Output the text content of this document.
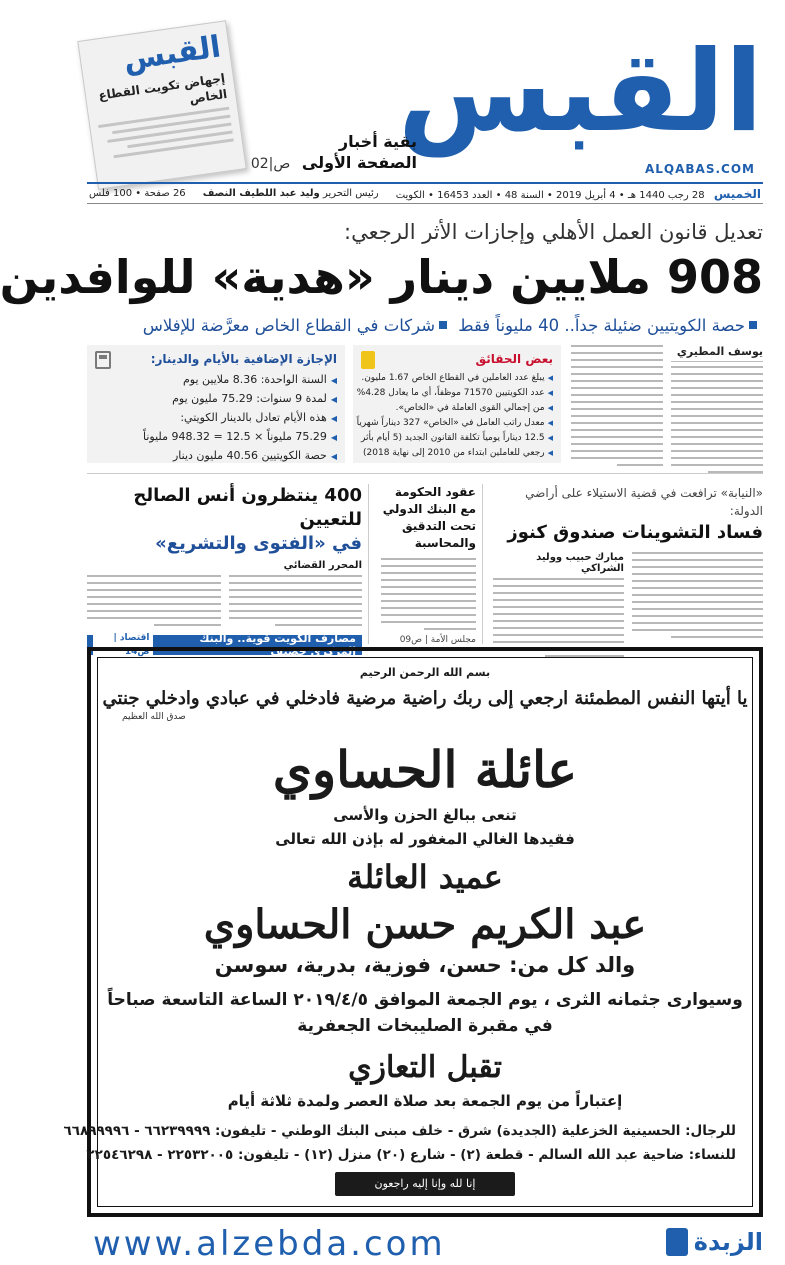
القبس
ALQABAS.COM
القبس
إجهاض تكويت القطاع الخاص
بقية أخبار
الصفحة الأولى ص|02
الخميس 28 رجب 1440 هـ • 4 أبريل 2019 • السنة 48 • العدد 16453 • الكويت
رئيس التحرير وليد عبد اللطيف النصف
26 صفحة • 100 فلس
تعديل قانون العمل الأهلي وإجازات الأثر الرجعي:
908 ملايين دينار «هدية» للوافدين
حصة الكويتيين ضئيلة جداً.. 40 مليوناً فقط شركات في القطاع الخاص معرَّضة للإفلاس
يوسف المطيري
بعض الحقائق
◀ يبلغ عدد العاملين في القطاع الخاص 1.67 مليون.
◀ عدد الكويتيين 71570 موظفاً، أي ما يعادل 4.28%
◀ من إجمالي القوى العاملة في «الخاص».
◀ معدل راتب العامل في «الخاص» 327 ديناراً شهرياً
◀ 12.5 ديناراً يومياً تكلفة القانون الجديد (5 أيام بأثر
◀ رجعي للعاملين ابتداء من 2010 إلى نهاية 2018)
الإجازة الإضافية بالأيام والدينار:
◀ السنة الواحدة: 8.36 ملايين يوم
◀ لمدة 9 سنوات: 75.29 مليون يوم
◀ هذه الأيام تعادل بالدينار الكويتي:
◀ 75.29 مليوناً × 12.5 = 948.32 مليوناً
◀ حصة الكويتيين 40.56 مليون دينار
«النيابة» ترافعت في قضية الاستيلاء على أراضي الدولة:
فساد التشوينات صندوق كنوز
مبارك حبيب ووليد الشراكي
عقود الحكومة مع البنك الدولي تحت التدقيق والمحاسبة
مجلس الأمة | ص09
400 ينتظرون أنس الصالح للتعيين
في «الفتوى والتشريع»
المحرر القضائي
مصارف الكويت قوية.. والبنك المركزي حصيف
اقتصاد | ص14
بسم الله الرحمن الرحيم
يا أيتها النفس المطمئنة ارجعي إلى ربك راضية مرضية فادخلي في عبادي وادخلي جنتي
صدق الله العظيم
عائلة الحساوي
تنعى ببالغ الحزن والأسى
فقيدها الغالي المغفور له بإذن الله تعالى
عميد العائلة
عبد الكريم حسن الحساوي
والد كل من: حسن، فوزية، بدرية، سوسن
وسيوارى جثمانه الثرى ، يوم الجمعة الموافق ٢٠١٩/٤/٥ الساعة التاسعة صباحاً
في مقبرة الصليبخات الجعفرية
تقبل التعازي
إعتباراً من يوم الجمعة بعد صلاة العصر ولمدة ثلاثة أيام
للرجال: الحسينية الخزعلية (الجديدة) شرق - خلف مبنى البنك الوطني - تليفون: ٦٦٢٣٩٩٩٩ - ٦٦٨٩٩٩٩٦
للنساء: ضاحية عبد الله السالم - قطعة (٢) - شارع (٢٠) منزل (١٢) - تليفون: ٢٢٥٣٢٠٠٥ - ٢٢٥٤٦٢٩٨
إنا لله وإنا إليه راجعون
www.alzebda.com	الزبدة
